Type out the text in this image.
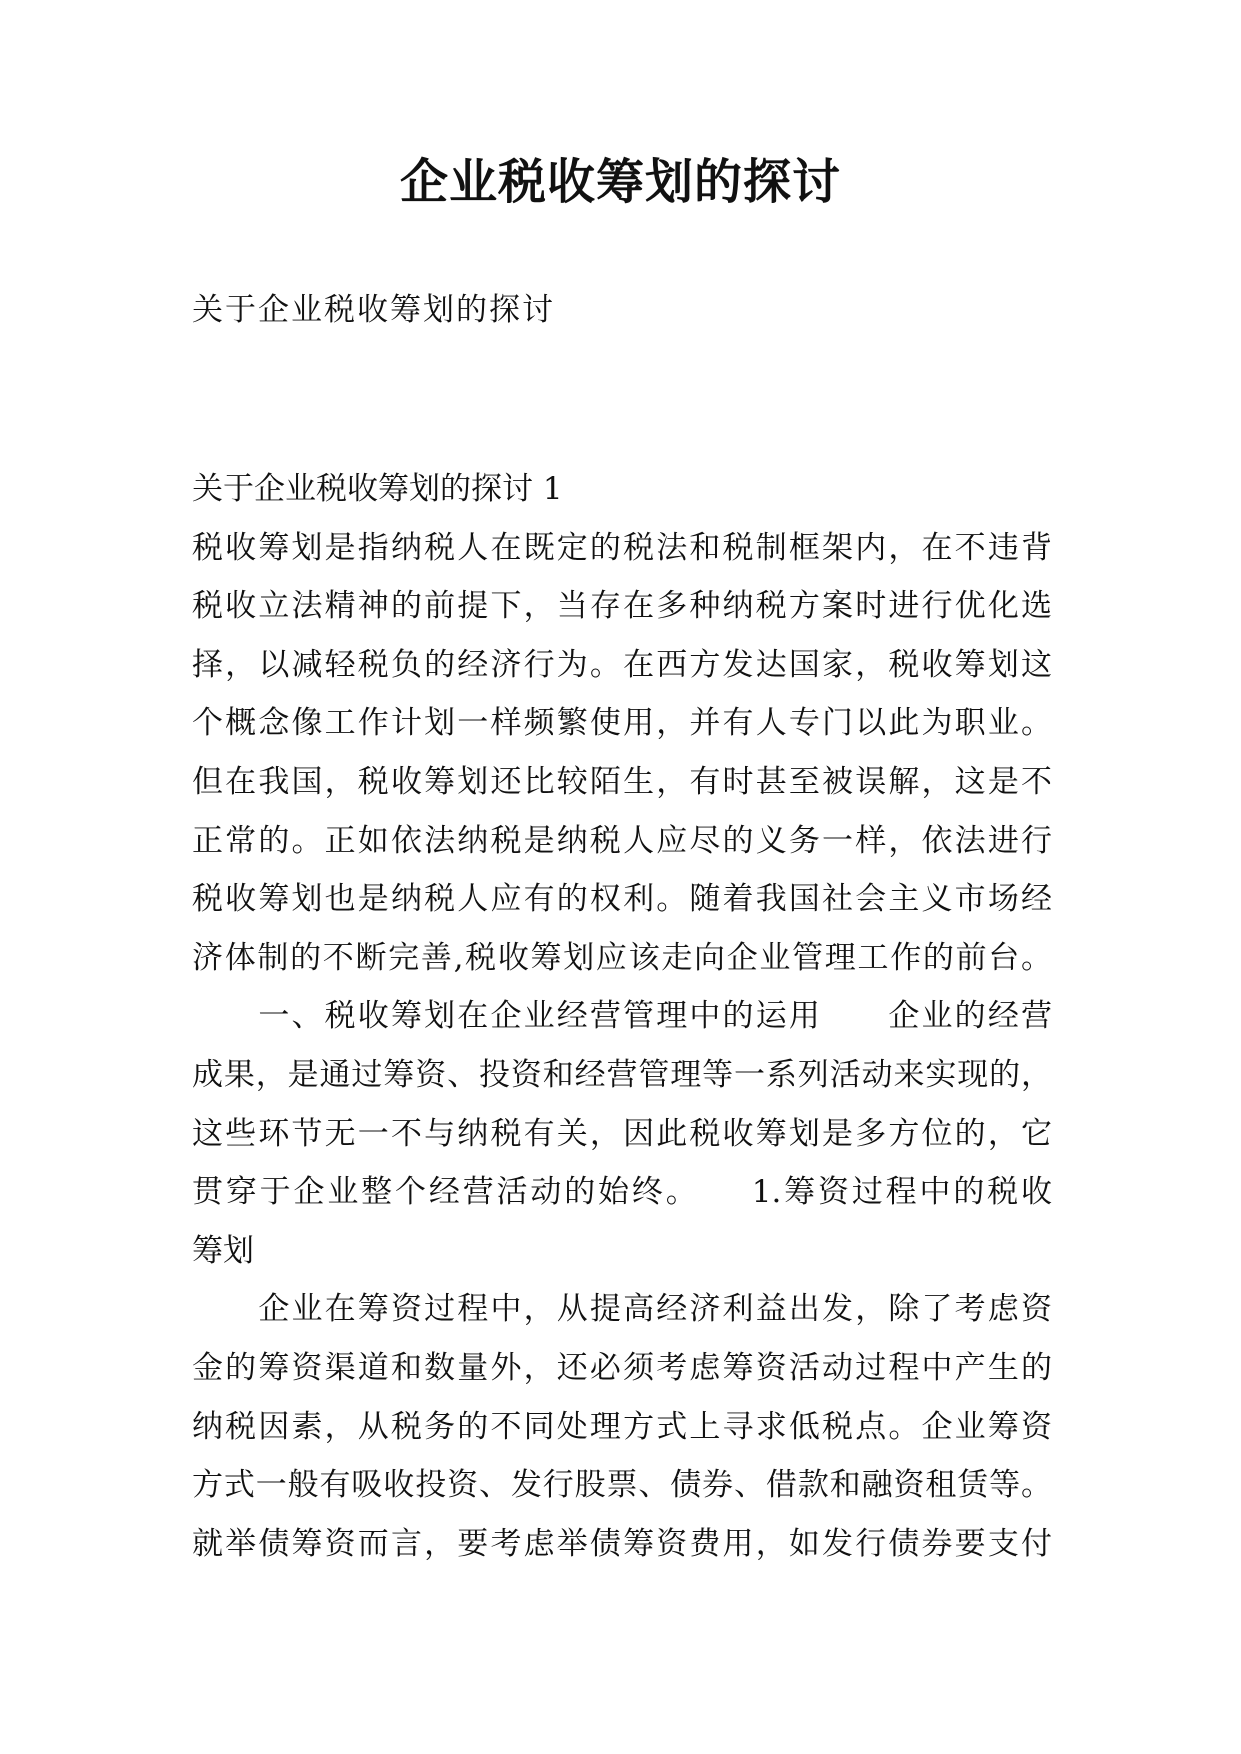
企业税收筹划的探讨

关于企业税收筹划的探讨

关于企业税收筹划的探讨 1

税收筹划是指纳税人在既定的税法和税制框架内，在不违背

税收立法精神的前提下，当存在多种纳税方案时进行优化选

择，以减轻税负的经济行为。在西方发达国家，税收筹划这

个概念像工作计划一样频繁使用，并有人专门以此为职业。

但在我国，税收筹划还比较陌生，有时甚至被误解，这是不

正常的。正如依法纳税是纳税人应尽的义务一样，依法进行

税收筹划也是纳税人应有的权利。随着我国社会主义市场经

济体制的不断完善,税收筹划应该走向企业管理工作的前台。

　　一、税收筹划在企业经营管理中的运用　　企业的经营

成果，是通过筹资、投资和经营管理等一系列活动来实现的，

这些环节无一不与纳税有关，因此税收筹划是多方位的，它

贯穿于企业整个经营活动的始终。　　1.筹资过程中的税收

筹划

　　企业在筹资过程中，从提高经济利益出发，除了考虑资

金的筹资渠道和数量外，还必须考虑筹资活动过程中产生的

纳税因素，从税务的不同处理方式上寻求低税点。企业筹资

方式一般有吸收投资、发行股票、债券、借款和融资租赁等。

就举债筹资而言，要考虑举债筹资费用，如发行债券要支付
